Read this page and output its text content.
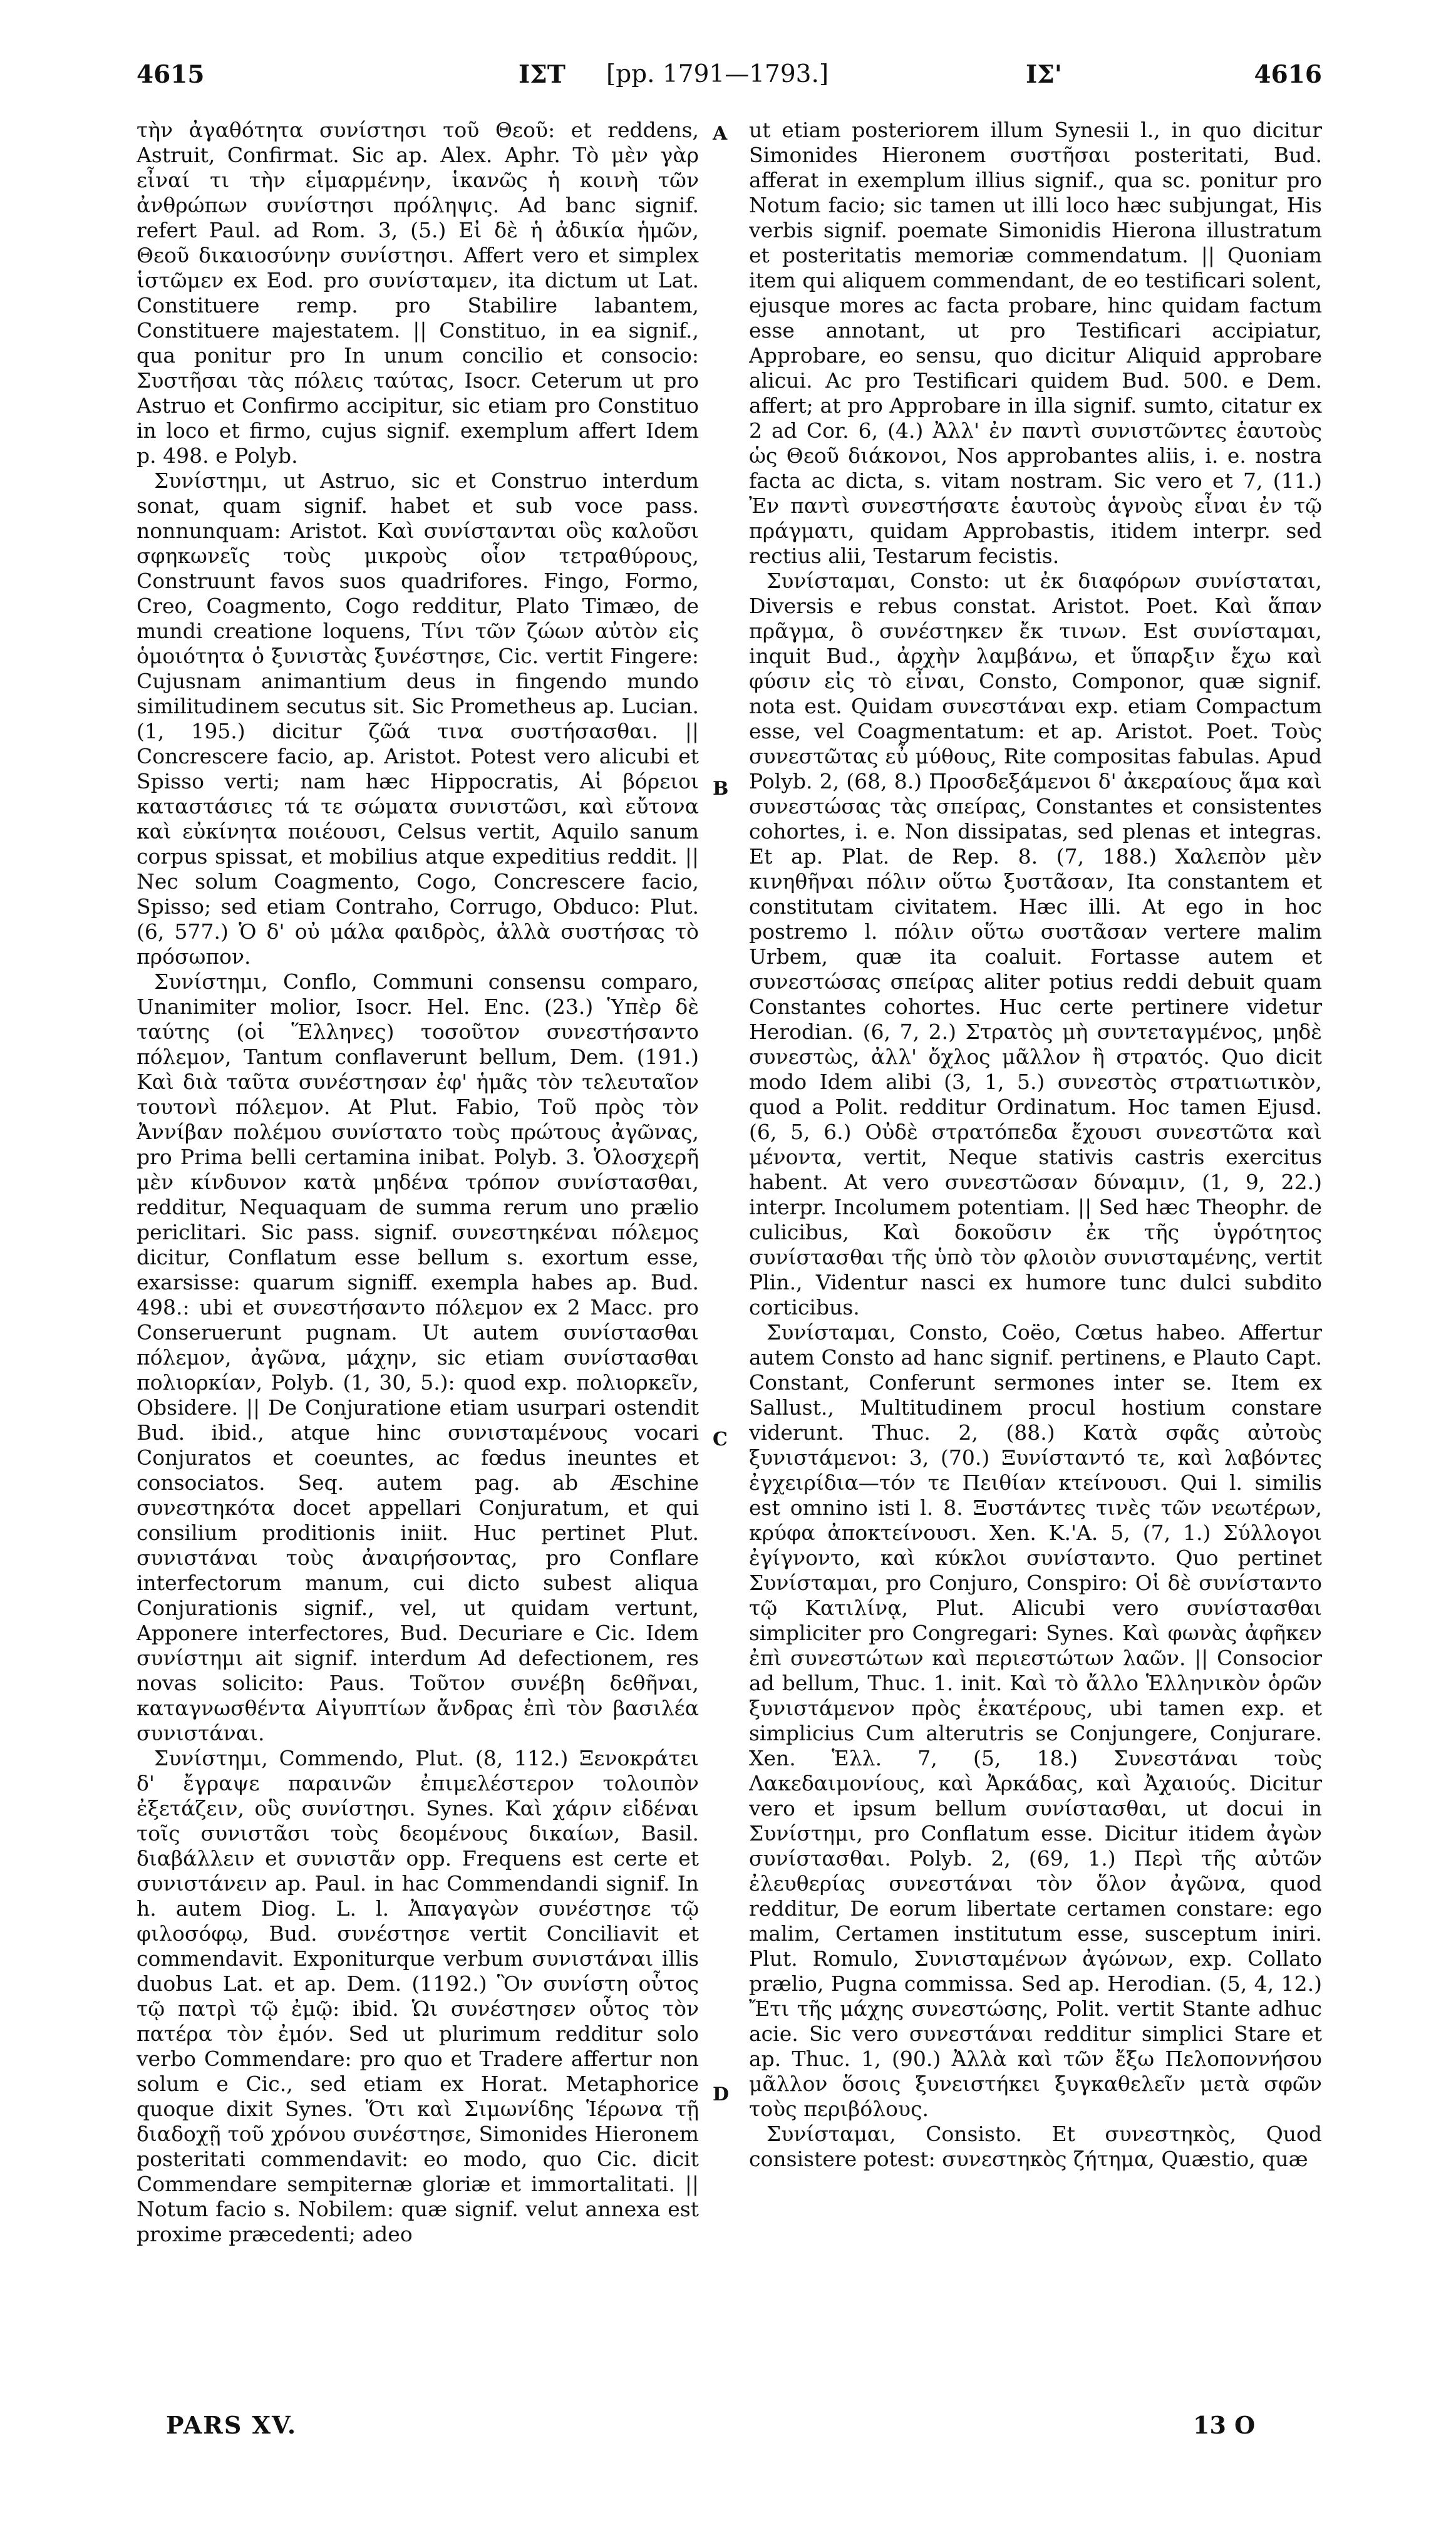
4615	ΙΣΤ [pp. 1791—1793.]	ΙΣ'	4616

τὴν ἀγαθότητα συνίστησι τοῦ Θεοῦ: et reddens, Astruit, Confirmat. Sic ap. Alex. Aphr. Τὸ μὲν γὰρ εἶναί τι τὴν εἱμαρμένην, ἱκανῶς ἡ κοινὴ τῶν ἀνθρώπων συνίστησι πρόληψις. Ad banc signif. refert Paul. ad Rom. 3, (5.) Εἰ δὲ ἡ ἀδικία ἡμῶν, Θεοῦ δικαιοσύνην συνίστησι. Affert vero et simplex ἱστῶμεν ex Eod. pro συνίσταμεν, ita dictum ut Lat. Constituere remp. pro Stabilire labantem, Constituere majestatem. || Constituo, in ea signif., qua ponitur pro In unum concilio et consocio: Συστῆσαι τὰς πόλεις ταύτας, Isocr. Ceterum ut pro Astruo et Confirmo accipitur, sic etiam pro Constituo in loco et firmo, cujus signif. exemplum affert Idem p. 498. e Polyb.

Συνίστημι, ut Astruo, sic et Construo interdum sonat, quam signif. habet et sub voce pass. nonnunquam: Aristot. Καὶ συνίστανται οὓς καλοῦσι σφηκωνεῖς τοὺς μικροὺς οἷον τετραθύρους, Construunt favos suos quadrifores. Fingo, Formo, Creo, Coagmento, Cogo redditur, Plato Timæo, de mundi creatione loquens, Τίνι τῶν ζώων αὐτὸν εἰς ὁμοιότητα ὁ ξυνιστὰς ξυνέστησε, Cic. vertit Fingere: Cujusnam animantium deus in fingendo mundo similitudinem secutus sit. Sic Prometheus ap. Lucian. (1, 195.) dicitur ζῶά τινα συστήσασθαι. || Concrescere facio, ap. Aristot. Potest vero alicubi et Spisso verti; nam hæc Hippocratis, Αἱ βόρειοι καταστάσιες τά τε σώματα συνιστῶσι, καὶ εὔτονα καὶ εὐκίνητα ποιέουσι, Celsus vertit, Aquilo sanum corpus spissat, et mobilius atque expeditius reddit. || Nec solum Coagmento, Cogo, Concrescere facio, Spisso; sed etiam Contraho, Corrugo, Obduco: Plut. (6, 577.) Ὁ δ' οὐ μάλα φαιδρὸς, ἀλλὰ συστήσας τὸ πρόσωπον.

Συνίστημι, Conflo, Communi consensu comparo, Unanimiter molior, Isocr. Hel. Enc. (23.) Ὑπὲρ δὲ ταύτης (οἱ Ἕλληνες) τοσοῦτον συνεστήσαντο πόλεμον, Tantum conflaverunt bellum, Dem. (191.) Καὶ διὰ ταῦτα συνέστησαν ἐφ' ἡμᾶς τὸν τελευταῖον τουτονὶ πόλεμον. At Plut. Fabio, Τοῦ πρὸς τὸν Ἀννίβαν πολέμου συνίστατο τοὺς πρώτους ἀγῶνας, pro Prima belli certamina inibat. Polyb. 3. Ὁλοσχερῆ μὲν κίνδυνον κατὰ μηδένα τρόπον συνίστασθαι, redditur, Nequaquam de summa rerum uno prælio periclitari. Sic pass. signif. συνεστηκέναι πόλεμος dicitur, Conflatum esse bellum s. exortum esse, exarsisse: quarum signiff. exempla habes ap. Bud. 498.: ubi et συνεστήσαντο πόλεμον ex 2 Macc. pro Conseruerunt pugnam. Ut autem συνίστασθαι πόλεμον, ἀγῶνα, μάχην, sic etiam συνίστασθαι πολιορκίαν, Polyb. (1, 30, 5.): quod exp. πολιορκεῖν, Obsidere. || De Conjuratione etiam usurpari ostendit Bud. ibid., atque hinc συνισταμένους vocari Conjuratos et coeuntes, ac fœdus ineuntes et consociatos. Seq. autem pag. ab Æschine συνεστηκότα docet appellari Conjuratum, et qui consilium proditionis iniit. Huc pertinet Plut. συνιστάναι τοὺς ἀναιρήσοντας, pro Conflare interfectorum manum, cui dicto subest aliqua Conjurationis signif., vel, ut quidam vertunt, Apponere interfectores, Bud. Decuriare e Cic. Idem συνίστημι ait signif. interdum Ad defectionem, res novas solicito: Paus. Τοῦτον συνέβη δεθῆναι, καταγνωσθέντα Αἰγυπτίων ἄνδρας ἐπὶ τὸν βασιλέα συνιστάναι.

Συνίστημι, Commendo, Plut. (8, 112.) Ξενοκράτει δ' ἔγραψε παραινῶν ἐπιμελέστερον τολοιπὸν ἐξετάζειν, οὓς συνίστησι. Synes. Καὶ χάριν εἰδέναι τοῖς συνιστᾶσι τοὺς δεομένους δικαίων, Basil. διαβάλλειν et συνιστᾶν opp. Frequens est certe et συνιστάνειν ap. Paul. in hac Commendandi signif. In h. autem Diog. L. l. Ἀπαγαγὼν συνέστησε τῷ φιλοσόφῳ, Bud. συνέστησε vertit Conciliavit et commendavit. Exponiturque verbum συνιστάναι illis duobus Lat. et ap. Dem. (1192.) Ὃν συνίστη οὗτος τῷ πατρὶ τῷ ἐμῷ: ibid. Ὡι συνέστησεν οὗτος τὸν πατέρα τὸν ἐμόν. Sed ut plurimum redditur solo verbo Commendare: pro quo et Tradere affertur non solum e Cic., sed etiam ex Horat. Metaphorice quoque dixit Synes. Ὅτι καὶ Σιμωνίδης Ἱέρωνα τῇ διαδοχῇ τοῦ χρόνου συνέστησε, Simonides Hieronem posteritati commendavit: eo modo, quo Cic. dicit Commendare sempiternæ gloriæ et immortalitati. || Notum facio s. Nobilem: quæ signif. velut annexa est proxime præcedenti; adeo

A
B
C
D

ut etiam posteriorem illum Synesii l., in quo dicitur Simonides Hieronem συστῆσαι posteritati, Bud. afferat in exemplum illius signif., qua sc. ponitur pro Notum facio; sic tamen ut illi loco hæc subjungat, His verbis signif. poemate Simonidis Hierona illustratum et posteritatis memoriæ commendatum. || Quoniam item qui aliquem commendant, de eo testificari solent, ejusque mores ac facta probare, hinc quidam factum esse annotant, ut pro Testificari accipiatur, Approbare, eo sensu, quo dicitur Aliquid approbare alicui. Ac pro Testificari quidem Bud. 500. e Dem. affert; at pro Approbare in illa signif. sumto, citatur ex 2 ad Cor. 6, (4.) Ἀλλ' ἐν παντὶ συνιστῶντες ἑαυτοὺς ὡς Θεοῦ διάκονοι, Nos approbantes aliis, i. e. nostra facta ac dicta, s. vitam nostram. Sic vero et 7, (11.) Ἐν παντὶ συνεστήσατε ἑαυτοὺς ἁγνοὺς εἶναι ἐν τῷ πράγματι, quidam Approbastis, itidem interpr. sed rectius alii, Testarum fecistis.

Συνίσταμαι, Consto: ut ἐκ διαφόρων συνίσταται, Diversis e rebus constat. Aristot. Poet. Καὶ ἅπαν πρᾶγμα, ὃ συνέστηκεν ἔκ τινων. Est συνίσταμαι, inquit Bud., ἀρχὴν λαμβάνω, et ὕπαρξιν ἔχω καὶ φύσιν εἰς τὸ εἶναι, Consto, Componor, quæ signif. nota est. Quidam συνεστάναι exp. etiam Compactum esse, vel Coagmentatum: et ap. Aristot. Poet. Τοὺς συνεστῶτας εὖ μύθους, Rite compositas fabulas. Apud Polyb. 2, (68, 8.) Προσδεξάμενοι δ' ἀκεραίους ἅμα καὶ συνεστώσας τὰς σπείρας, Constantes et consistentes cohortes, i. e. Non dissipatas, sed plenas et integras. Et ap. Plat. de Rep. 8. (7, 188.) Χαλεπὸν μὲν κινηθῆναι πόλιν οὕτω ξυστᾶσαν, Ita constantem et constitutam civitatem. Hæc illi. At ego in hoc postremo l. πόλιν οὕτω συστᾶσαν vertere malim Urbem, quæ ita coaluit. Fortasse autem et συνεστώσας σπείρας aliter potius reddi debuit quam Constantes cohortes. Huc certe pertinere videtur Herodian. (6, 7, 2.) Στρατὸς μὴ συντεταγμένος, μηδὲ συνεστὼς, ἀλλ' ὄχλος μᾶλλον ἢ στρατός. Quo dicit modo Idem alibi (3, 1, 5.) συνεστὸς στρατιωτικὸν, quod a Polit. redditur Ordinatum. Hoc tamen Ejusd. (6, 5, 6.) Οὐδὲ στρατόπεδα ἔχουσι συνεστῶτα καὶ μένοντα, vertit, Neque stativis castris exercitus habent. At vero συνεστῶσαν δύναμιν, (1, 9, 22.) interpr. Incolumem potentiam. || Sed hæc Theophr. de culicibus, Καὶ δοκοῦσιν ἐκ τῆς ὑγρότητος συνίστασθαι τῆς ὑπὸ τὸν φλοιὸν συνισταμένης, vertit Plin., Videntur nasci ex humore tunc dulci subdito corticibus.

Συνίσταμαι, Consto, Coëo, Cœtus habeo. Affertur autem Consto ad hanc signif. pertinens, e Plauto Capt. Constant, Conferunt sermones inter se. Item ex Sallust., Multitudinem procul hostium constare viderunt. Thuc. 2, (88.) Κατὰ σφᾶς αὐτοὺς ξυνιστάμενοι: 3, (70.) Ξυνίσταντό τε, καὶ λαβόντες ἐγχειρίδια—τόν τε Πειθίαν κτείνουσι. Qui l. similis est omnino isti l. 8. Ξυστάντες τινὲς τῶν νεωτέρων, κρύφα ἀποκτείνουσι. Xen. K.'A. 5, (7, 1.) Σύλλογοι ἐγίγνοντο, καὶ κύκλοι συνίσταντο. Quo pertinet Συνίσταμαι, pro Conjuro, Conspiro: Οἱ δὲ συνίσταντο τῷ Κατιλίνᾳ, Plut. Alicubi vero συνίστασθαι simpliciter pro Congregari: Synes. Καὶ φωνὰς ἀφῆκεν ἐπὶ συνεστώτων καὶ περιεστώτων λαῶν. || Consocior ad bellum, Thuc. 1. init. Καὶ τὸ ἄλλο Ἑλληνικὸν ὁρῶν ξυνιστάμενον πρὸς ἑκατέρους, ubi tamen exp. et simplicius Cum alterutris se Conjungere, Conjurare. Xen. Ἑλλ. 7, (5, 18.) Συνεστάναι τοὺς Λακεδαιμονίους, καὶ Ἀρκάδας, καὶ Ἀχαιούς. Dicitur vero et ipsum bellum συνίστασθαι, ut docui in Συνίστημι, pro Conflatum esse. Dicitur itidem ἀγὼν συνίστασθαι. Polyb. 2, (69, 1.) Περὶ τῆς αὐτῶν ἐλευθερίας συνεστάναι τὸν ὅλον ἀγῶνα, quod redditur, De eorum libertate certamen constare: ego malim, Certamen institutum esse, susceptum iniri. Plut. Romulo, Συνισταμένων ἀγώνων, exp. Collato prælio, Pugna commissa. Sed ap. Herodian. (5, 4, 12.) Ἔτι τῆς μάχης συνεστώσης, Polit. vertit Stante adhuc acie. Sic vero συνεστάναι redditur simplici Stare et ap. Thuc. 1, (90.) Ἀλλὰ καὶ τῶν ἔξω Πελοποννήσου μᾶλλον ὅσοις ξυνειστήκει ξυγκαθελεῖν μετὰ σφῶν τοὺς περιβόλους.

Συνίσταμαι, Consisto. Et συνεστηκὸς, Quod consistere potest: συνεστηκὸς ζήτημα, Quæstio, quæ

PARS XV.	13 O
